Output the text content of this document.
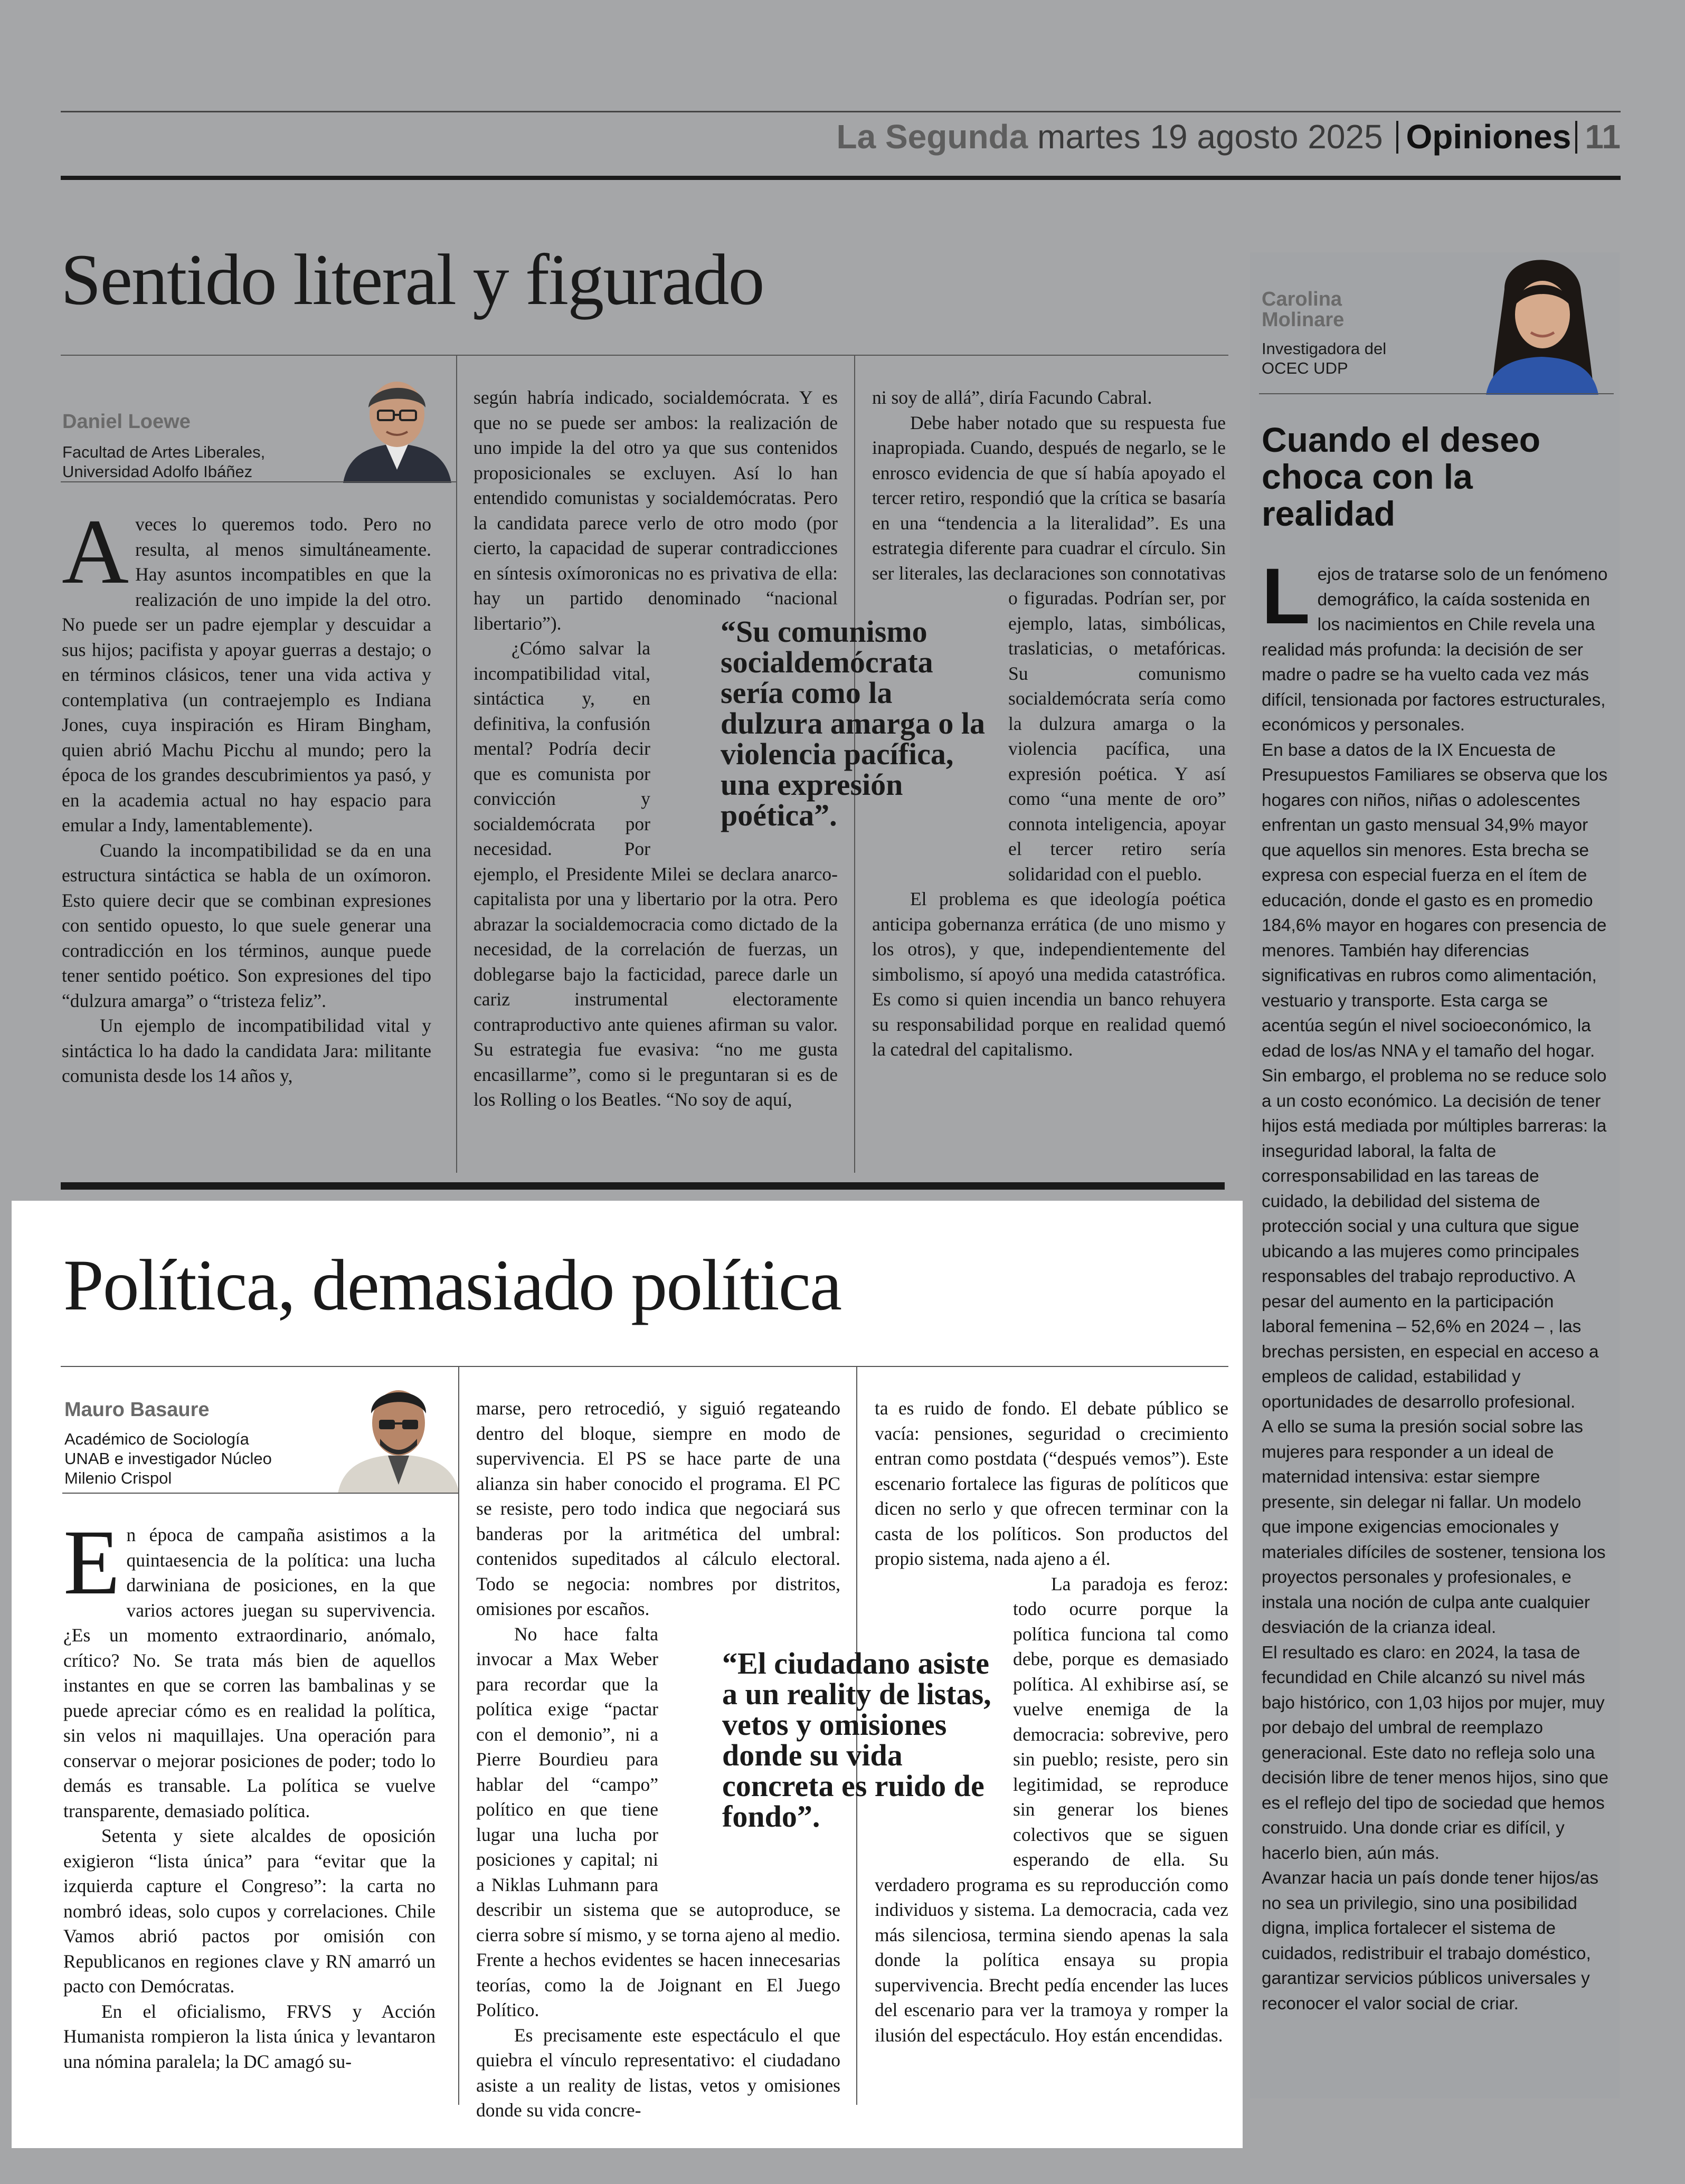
La Segunda martes 19 agosto 2025 Opiniones 11
Sentido literal y figurado
Daniel Loewe
Facultad de Artes Liberales,
Universidad Adolfo Ibáñez
A veces lo queremos todo. Pero no resulta, al menos simultáneamente. Hay asuntos incompatibles en que la realización de uno impide la del otro. No puede ser un padre ejemplar y descuidar a sus hijos; pacifista y apoyar guerras a destajo; o en términos clásicos, tener una vida activa y contemplativa (un contraejemplo es Indiana Jones, cuya inspiración es Hiram Bingham, quien abrió Machu Picchu al mundo; pero la época de los grandes descubrimientos ya pasó, y en la academia actual no hay espacio para emular a Indy, lamentablemente).

Cuando la incompatibilidad se da en una estructura sintáctica se habla de un oxímoron. Esto quiere decir que se combinan expresiones con sentido opuesto, lo que suele generar una contradicción en los términos, aunque puede tener sentido poético. Son expresiones del tipo “dulzura amarga” o “tristeza feliz”.

Un ejemplo de incompatibilidad vital y sintáctica lo ha dado la candidata Jara: militante comunista desde los 14 años y,

según habría indicado, socialdemócrata. Y es que no se puede ser ambos: la realización de uno impide la del otro ya que sus contenidos proposicionales se excluyen. Así lo han entendido comunistas y socialdemócratas. Pero la candidata parece verlo de otro modo (por cierto, la capacidad de superar contradicciones en síntesis oxímoronicas no es privativa de ella: hay un partido denominado “nacional libertario”).

¿Cómo salvar la incompatibilidad vital, sintáctica y, en definitiva, la confusión mental? Podría decir que es comunista por convicción y socialdemócrata por necesidad. Por ejemplo, el Presidente Milei se declara anarco-capitalista por una y libertario por la otra. Pero abrazar la socialdemocracia como dictado de la necesidad, de la correlación de fuerzas, un doblegarse bajo la facticidad, parece darle un cariz instrumental electoramente contraproductivo ante quienes afirman su valor. Su estrategia fue evasiva: “no me gusta encasillarme”, como si le preguntaran si es de los Rolling o los Beatles. “No soy de aquí,

ni soy de allá”, diría Facundo Cabral.

Debe haber notado que su respuesta fue inapropiada. Cuando, después de negarlo, se le enrosco evidencia de que sí había apoyado el tercer retiro, respondió que la crítica se basaría en una “tendencia a la literalidad”. Es una estrategia diferente para cuadrar el círculo. Sin ser literales, las declaraciones son connotativas o figuradas. Podrían ser, por ejemplo, latas, simbólicas, traslaticias, o metafóricas. Su comunismo socialdemócrata sería como la dulzura amarga o la violencia pacífica, una expresión poética. Y así como “una mente de oro” connota inteligencia, apoyar el tercer retiro sería solidaridad con el pueblo.

El problema es que ideología poética anticipa gobernanza errática (de uno mismo y los otros), y que, independientemente del simbolismo, sí apoyó una medida catastrófica. Es como si quien incendia un banco rehuyera su responsabilidad porque en realidad quemó la catedral del capitalismo.

“Su comunismo socialdemócrata sería como la dulzura amarga o la violencia pacífica, una expresión poética”.
Política, demasiado política
Mauro Basaure
Académico de Sociología
UNAB e investigador Núcleo
Milenio Crispol
E n época de campaña asistimos a la quintaesencia de la política: una lucha darwiniana de posiciones, en la que varios actores juegan su supervivencia. ¿Es un momento extraordinario, anómalo, crítico? No. Se trata más bien de aquellos instantes en que se corren las bambalinas y se puede apreciar cómo es en realidad la política, sin velos ni maquillajes. Una operación para conservar o mejorar posiciones de poder; todo lo demás es transable. La política se vuelve transparente, demasiado política.

Setenta y siete alcaldes de oposición exigieron “lista única” para “evitar que la izquierda capture el Congreso”: la carta no nombró ideas, solo cupos y correlaciones. Chile Vamos abrió pactos por omisión con Republicanos en regiones clave y RN amarró un pacto con Demócratas.

En el oficialismo, FRVS y Acción Humanista rompieron la lista única y levantaron una nómina paralela; la DC amagó su-

marse, pero retrocedió, y siguió regateando dentro del bloque, siempre en modo de supervivencia. El PS se hace parte de una alianza sin haber conocido el programa. El PC se resiste, pero todo indica que negociará sus banderas por la aritmética del umbral: contenidos supeditados al cálculo electoral. Todo se negocia: nombres por distritos, omisiones por escaños.

No hace falta invocar a Max Weber para recordar que la política exige “pactar con el demonio”, ni a Pierre Bourdieu para hablar del “campo” político en que tiene lugar una lucha por posiciones y capital; ni a Niklas Luhmann para describir un sistema que se autoproduce, se cierra sobre sí mismo, y se torna ajeno al medio. Frente a hechos evidentes se hacen innecesarias teorías, como la de Joignant en El Juego Político.

Es precisamente este espectáculo el que quiebra el vínculo representativo: el ciudadano asiste a un reality de listas, vetos y omisiones donde su vida concre-

ta es ruido de fondo. El debate público se vacía: pensiones, seguridad o crecimiento entran como postdata (“después vemos”). Este escenario fortalece las figuras de políticos que dicen no serlo y que ofrecen terminar con la casta de los políticos. Son productos del propio sistema, nada ajeno a él.

La paradoja es feroz: todo ocurre porque la política funciona tal como debe, porque es demasiado política. Al exhibirse así, se vuelve enemiga de la democracia: sobrevive, pero sin pueblo; resiste, pero sin legitimidad, se reproduce sin generar los bienes colectivos que se siguen esperando de ella. Su verdadero programa es su reproducción como individuos y sistema. La democracia, cada vez más silenciosa, termina siendo apenas la sala donde la política ensaya su propia supervivencia. Brecht pedía encender las luces del escenario para ver la tramoya y romper la ilusión del espectáculo. Hoy están encendidas.

“El ciudadano asiste a un reality de listas, vetos y omisiones donde su vida concreta es ruido de fondo”.
Carolina
Molinare
Investigadora del
OCEC UDP
Cuando el deseo choca con la realidad
L ejos de tratarse solo de un fenómeno demográfico, la caída sostenida en los nacimientos en Chile revela una realidad más profunda: la decisión de ser madre o padre se ha vuelto cada vez más difícil, tensionada por factores estructurales, económicos y personales.

En base a datos de la IX Encuesta de Presupuestos Familiares se observa que los hogares con niños, niñas o adolescentes enfrentan un gasto mensual 34,9% mayor que aquellos sin menores. Esta brecha se expresa con especial fuerza en el ítem de educación, donde el gasto es en promedio 184,6% mayor en hogares con presencia de menores. También hay diferencias significativas en rubros como alimentación, vestuario y transporte. Esta carga se acentúa según el nivel socioeconómico, la edad de los/as NNA y el tamaño del hogar.

Sin embargo, el problema no se reduce solo a un costo económico. La decisión de tener hijos está mediada por múltiples barreras: la inseguridad laboral, la falta de corresponsabilidad en las tareas de cuidado, la debilidad del sistema de protección social y una cultura que sigue ubicando a las mujeres como principales responsables del trabajo reproductivo. A pesar del aumento en la participación laboral femenina – 52,6% en 2024 – , las brechas persisten, en especial en acceso a empleos de calidad, estabilidad y oportunidades de desarrollo profesional.

A ello se suma la presión social sobre las mujeres para responder a un ideal de maternidad intensiva: estar siempre presente, sin delegar ni fallar. Un modelo que impone exigencias emocionales y materiales difíciles de sostener, tensiona los proyectos personales y profesionales, e instala una noción de culpa ante cualquier desviación de la crianza ideal.

El resultado es claro: en 2024, la tasa de fecundidad en Chile alcanzó su nivel más bajo histórico, con 1,03 hijos por mujer, muy por debajo del umbral de reemplazo generacional. Este dato no refleja solo una decisión libre de tener menos hijos, sino que es el reflejo del tipo de sociedad que hemos construido. Una donde criar es difícil, y hacerlo bien, aún más.

Avanzar hacia un país donde tener hijos/as no sea un privilegio, sino una posibilidad digna, implica fortalecer el sistema de cuidados, redistribuir el trabajo doméstico, garantizar servicios públicos universales y reconocer el valor social de criar.
